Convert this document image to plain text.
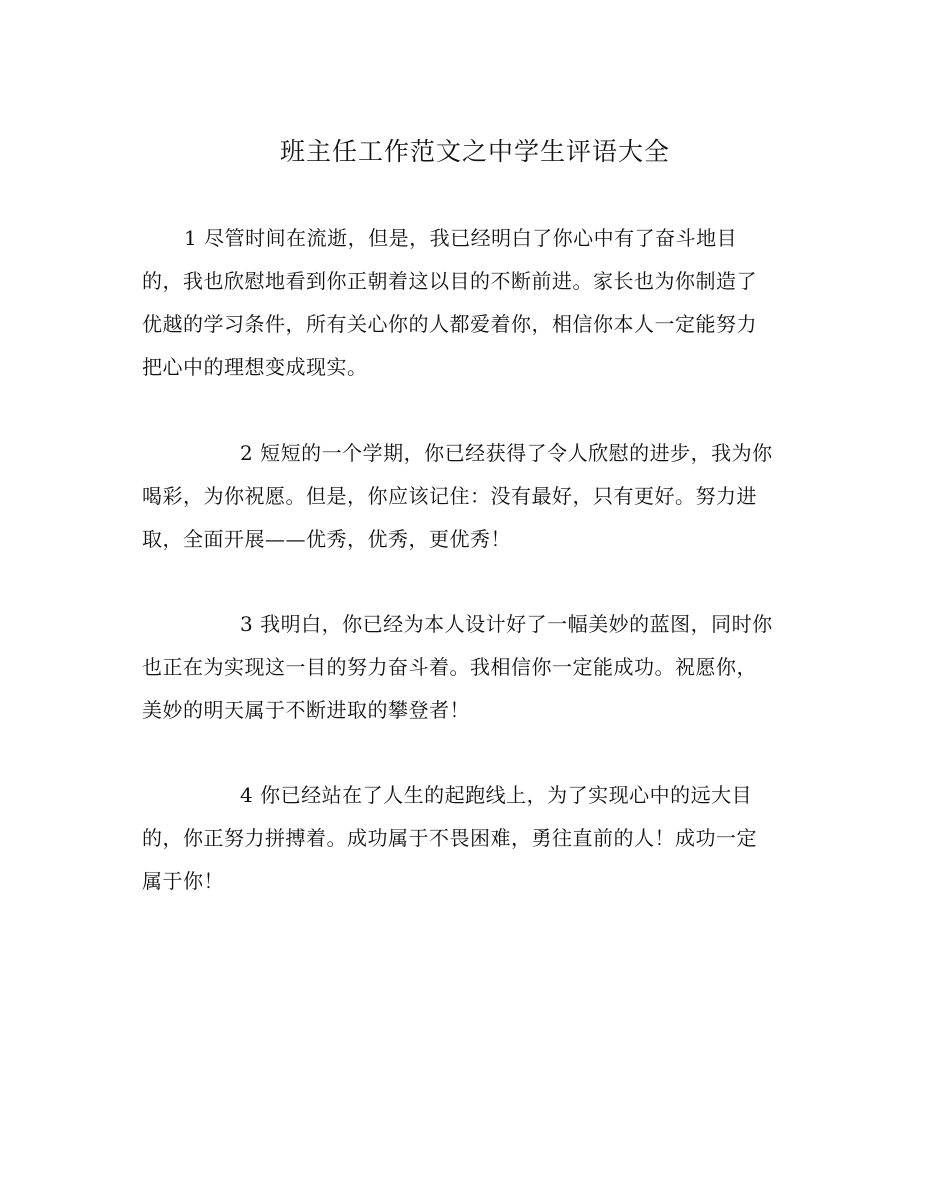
班主任工作范文之中学生评语大全
1 尽管时间在流逝，但是，我已经明白了你心中有了奋斗地目
的，我也欣慰地看到你正朝着这以目的不断前进。家长也为你制造了
优越的学习条件，所有关心你的人都爱着你，相信你本人一定能努力
把心中的理想变成现实。
2 短短的一个学期，你已经获得了令人欣慰的进步，我为你
喝彩，为你祝愿。但是，你应该记住：没有最好，只有更好。努力进
取，全面开展——优秀，优秀，更优秀！
3 我明白，你已经为本人设计好了一幅美妙的蓝图，同时你
也正在为实现这一目的努力奋斗着。我相信你一定能成功。祝愿你，
美妙的明天属于不断进取的攀登者！
4 你已经站在了人生的起跑线上，为了实现心中的远大目
的，你正努力拼搏着。成功属于不畏困难，勇往直前的人！成功一定
属于你！
